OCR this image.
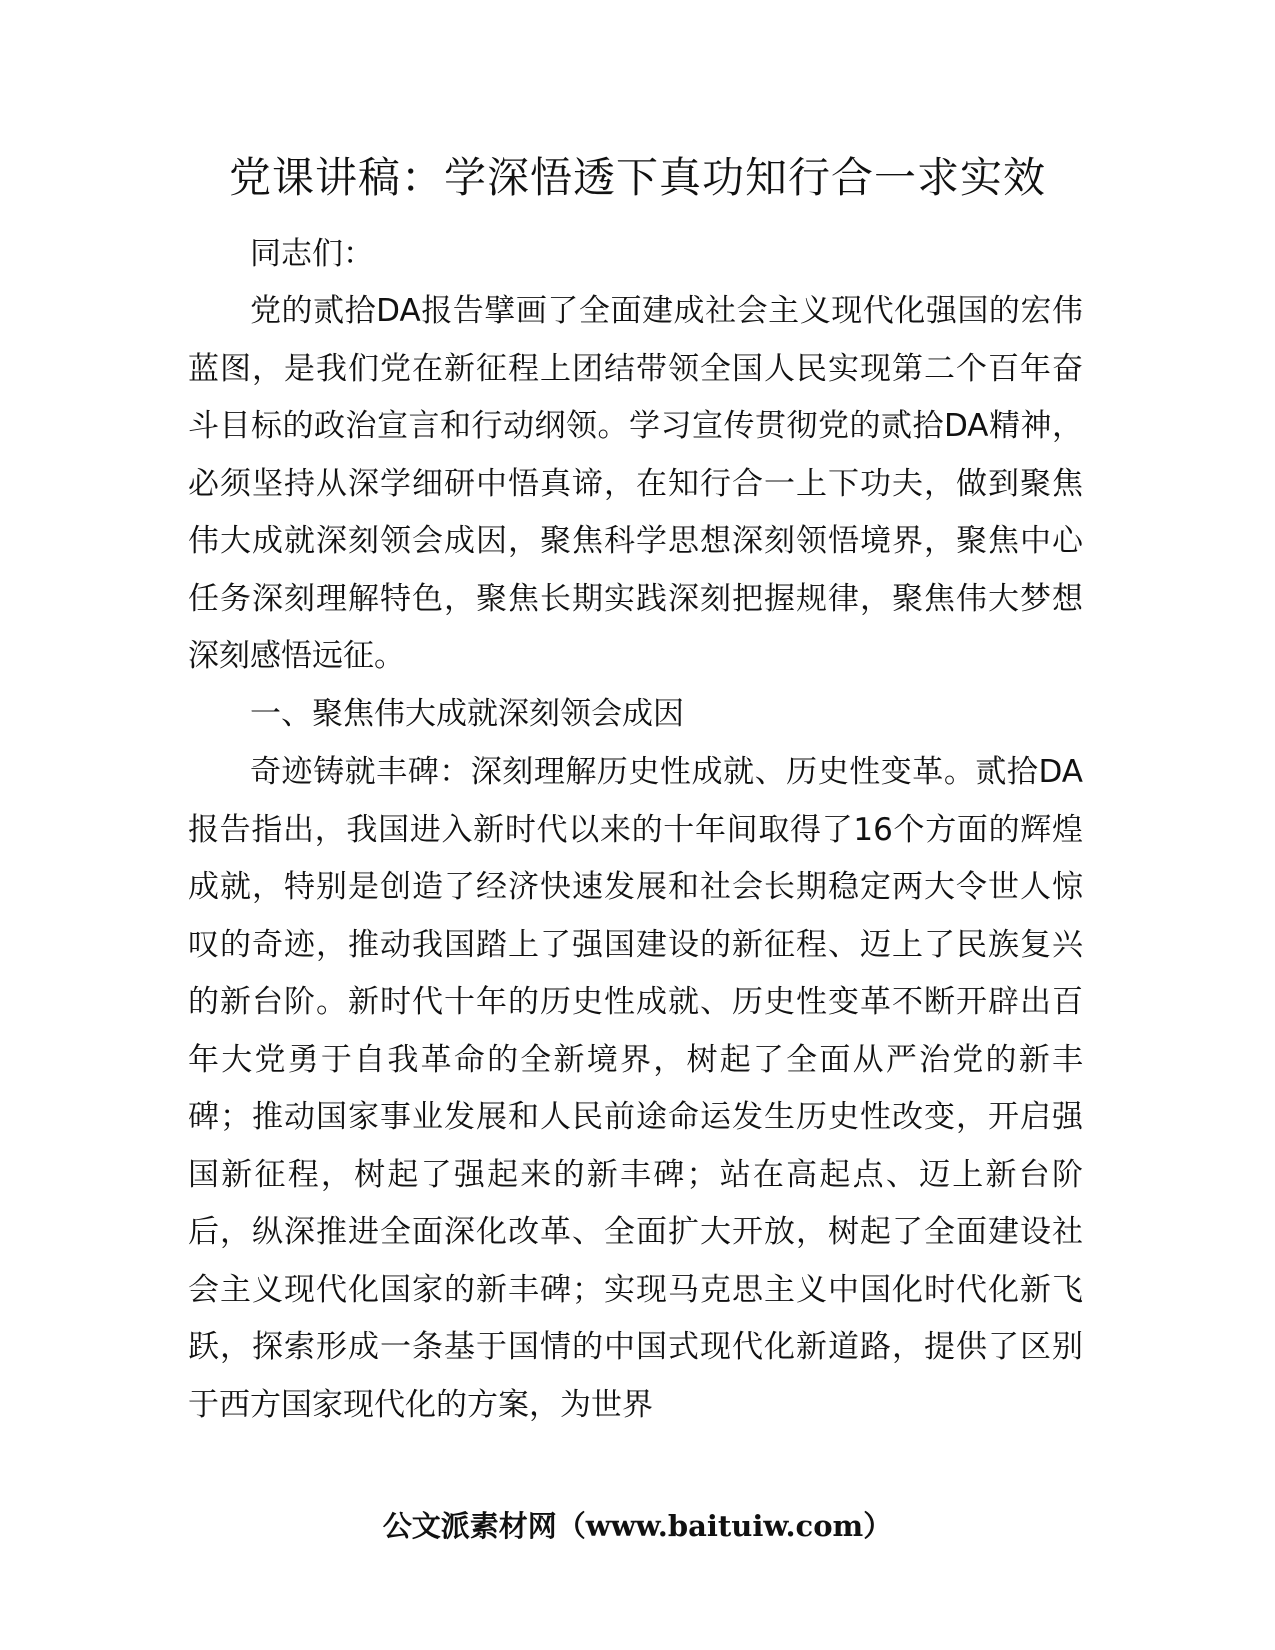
党课讲稿：学深悟透下真功知行合一求实效

同志们：

党的贰拾DA报告擘画了全面建成社会主义现代化强国的宏伟蓝图，是我们党在新征程上团结带领全国人民实现第二个百年奋斗目标的政治宣言和行动纲领。学习宣传贯彻党的贰拾DA精神，必须坚持从深学细研中悟真谛，在知行合一上下功夫，做到聚焦伟大成就深刻领会成因，聚焦科学思想深刻领悟境界，聚焦中心任务深刻理解特色，聚焦长期实践深刻把握规律，聚焦伟大梦想深刻感悟远征。

一、聚焦伟大成就深刻领会成因

奇迹铸就丰碑：深刻理解历史性成就、历史性变革。贰拾DA报告指出，我国进入新时代以来的十年间取得了16个方面的辉煌成就，特别是创造了经济快速发展和社会长期稳定两大令世人惊叹的奇迹，推动我国踏上了强国建设的新征程、迈上了民族复兴的新台阶。新时代十年的历史性成就、历史性变革不断开辟出百年大党勇于自我革命的全新境界，树起了全面从严治党的新丰碑；推动国家事业发展和人民前途命运发生历史性改变，开启强国新征程，树起了强起来的新丰碑；站在高起点、迈上新台阶后，纵深推进全面深化改革、全面扩大开放，树起了全面建设社会主义现代化国家的新丰碑；实现马克思主义中国化时代化新飞跃，探索形成一条基于国情的中国式现代化新道路，提供了区别于西方国家现代化的方案，为世界

公文派素材网（www.baituiw.com）
